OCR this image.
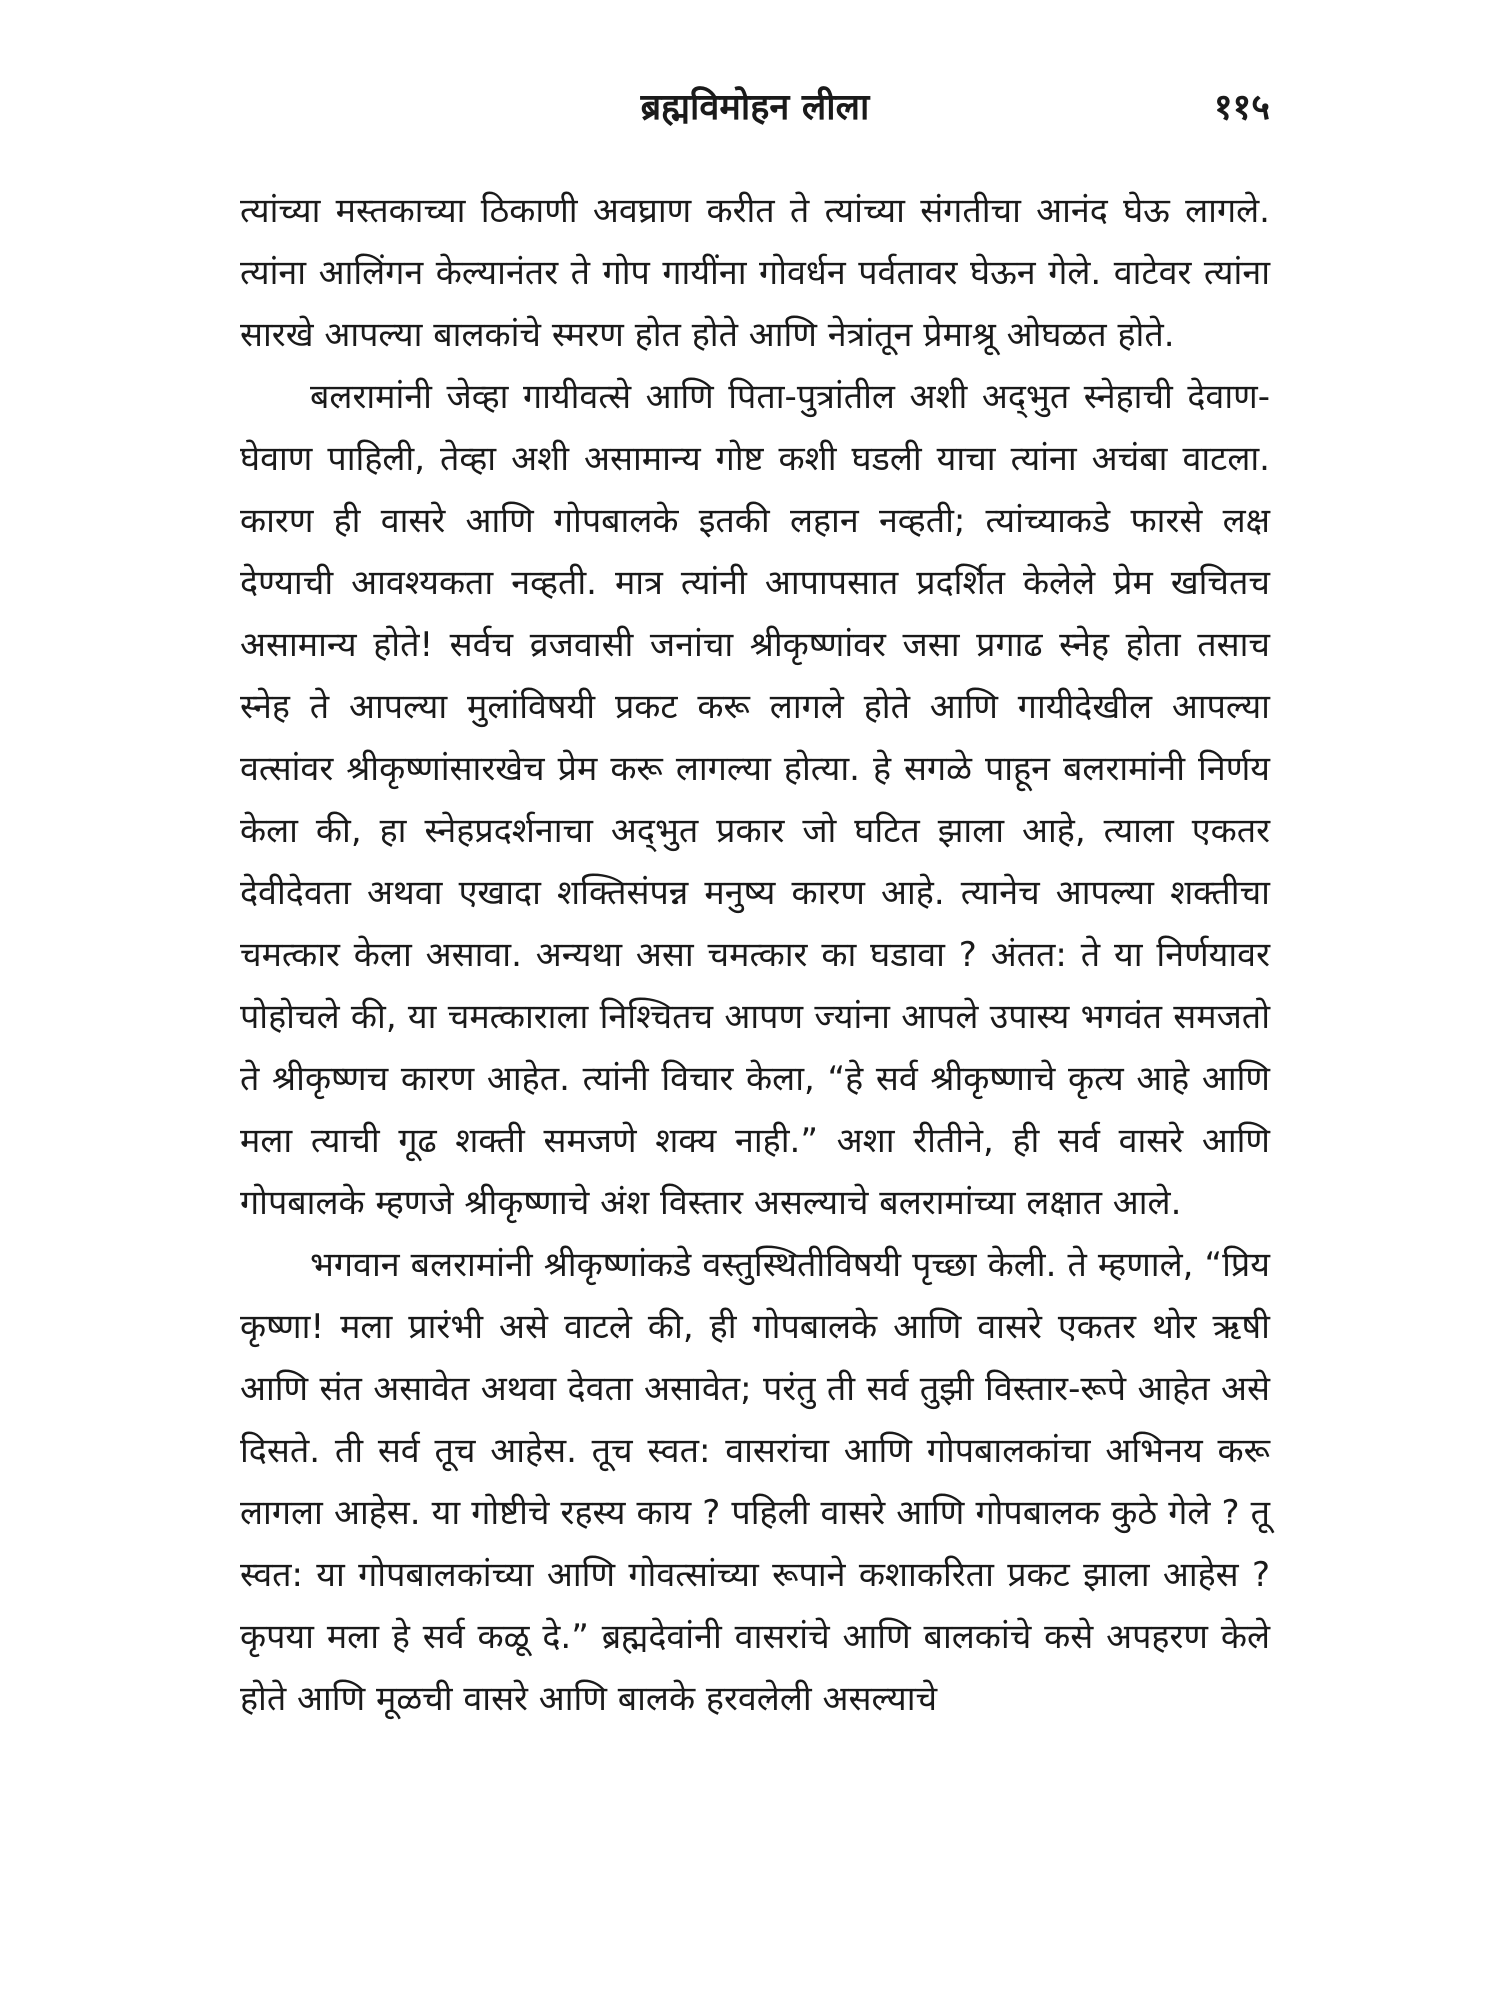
ब्रह्मविमोहन लीला	११५

त्यांच्या मस्तकाच्या ठिकाणी अवघ्राण करीत ते त्यांच्या संगतीचा आनंद घेऊ लागले. त्यांना आलिंगन केल्यानंतर ते गोप गायींना गोवर्धन पर्वतावर घेऊन गेले. वाटेवर त्यांना सारखे आपल्या बालकांचे स्मरण होत होते आणि नेत्रांतून प्रेमाश्रू ओघळत होते.

बलरामांनी जेव्हा गायीवत्से आणि पिता-पुत्रांतील अशी अद्‌भुत स्नेहाची देवाण-घेवाण पाहिली, तेव्हा अशी असामान्य गोष्ट कशी घडली याचा त्यांना अचंबा वाटला. कारण ही वासरे आणि गोपबालके इतकी लहान नव्हती; त्यांच्याकडे फारसे लक्ष देण्याची आवश्यकता नव्हती. मात्र त्यांनी आपापसात प्रदर्शित केलेले प्रेम खचितच असामान्य होते! सर्वच व्रजवासी जनांचा श्रीकृष्णांवर जसा प्रगाढ स्नेह होता तसाच स्नेह ते आपल्या मुलांविषयी प्रकट करू लागले होते आणि गायीदेखील आपल्या वत्सांवर श्रीकृष्णांसारखेच प्रेम करू लागल्या होत्या. हे सगळे पाहून बलरामांनी निर्णय केला की, हा स्नेहप्रदर्शनाचा अद्‌भुत प्रकार जो घटित झाला आहे, त्याला एकतर देवीदेवता अथवा एखादा शक्तिसंपन्न मनुष्य कारण आहे. त्यानेच आपल्या शक्तीचा चमत्कार केला असावा. अन्यथा असा चमत्कार का घडावा ? अंतत: ते या निर्णयावर पोहोचले की, या चमत्काराला निश्चितच आपण ज्यांना आपले उपास्य भगवंत समजतो ते श्रीकृष्णच कारण आहेत. त्यांनी विचार केला, “हे सर्व श्रीकृष्णाचे कृत्य आहे आणि मला त्याची गूढ शक्ती समजणे शक्य नाही.” अशा रीतीने, ही सर्व वासरे आणि गोपबालके म्हणजे श्रीकृष्णाचे अंश विस्तार असल्याचे बलरामांच्या लक्षात आले.

भगवान बलरामांनी श्रीकृष्णांकडे वस्तुस्थितीविषयी पृच्छा केली. ते म्हणाले, “प्रिय कृष्णा! मला प्रारंभी असे वाटले की, ही गोपबालके आणि वासरे एकतर थोर ऋषी आणि संत असावेत अथवा देवता असावेत; परंतु ती सर्व तुझी विस्तार-रूपे आहेत असे दिसते. ती सर्व तूच आहेस. तूच स्वत: वासरांचा आणि गोपबालकांचा अभिनय करू लागला आहेस. या गोष्टीचे रहस्य काय ? पहिली वासरे आणि गोपबालक कुठे गेले ? तू स्वत: या गोपबालकांच्या आणि गोवत्सांच्या रूपाने कशाकरिता प्रकट झाला आहेस ? कृपया मला हे सर्व कळू दे.” ब्रह्मदेवांनी वासरांचे आणि बालकांचे कसे अपहरण केले होते आणि मूळची वासरे आणि बालके हरवलेली असल्याचे
